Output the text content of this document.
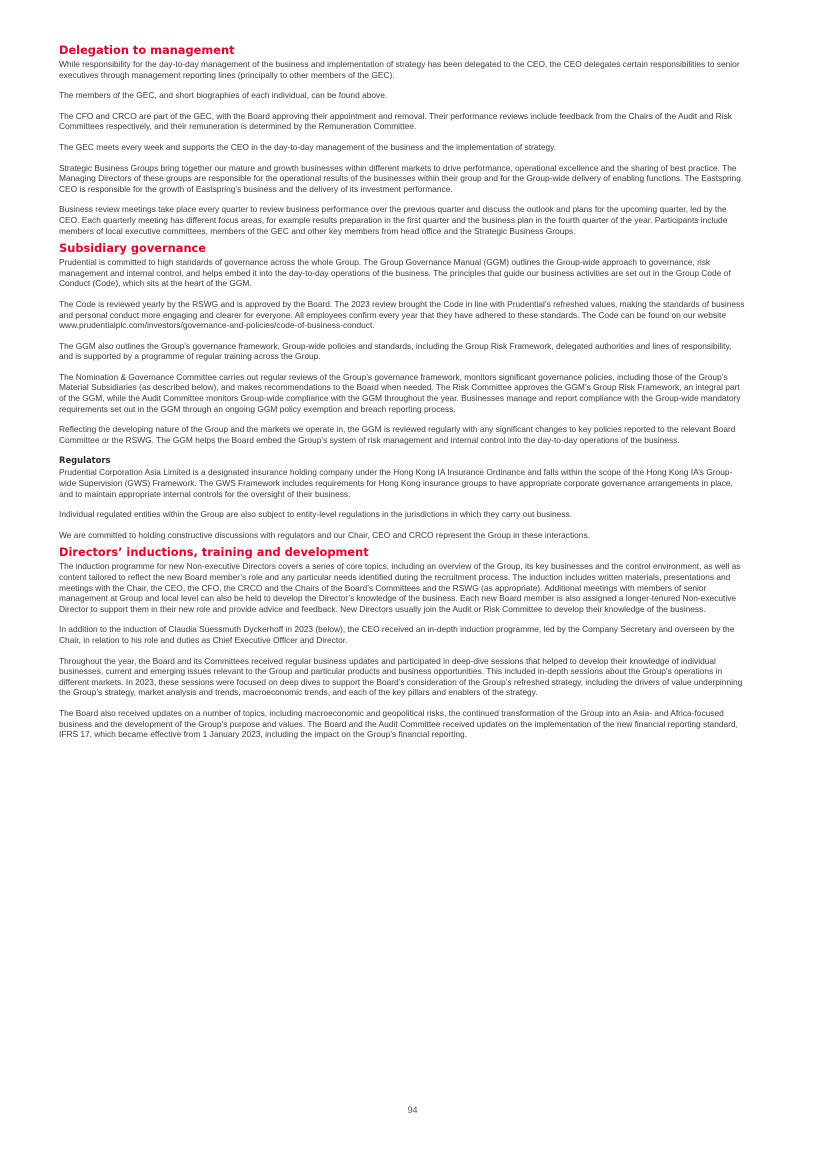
Delegation to management

While responsibility for the day-to-day management of the business and implementation of strategy has been delegated to the CEO, the CEO delegates certain responsibilities to senior executives through management reporting lines (principally to other members of the GEC).

The members of the GEC, and short biographies of each individual, can be found above.

The CFO and CRCO are part of the GEC, with the Board approving their appointment and removal. Their performance reviews include feedback from the Chairs of the Audit and Risk Committees respectively, and their remuneration is determined by the Remuneration Committee.

The GEC meets every week and supports the CEO in the day-to-day management of the business and the implementation of strategy.

Strategic Business Groups bring together our mature and growth businesses within different markets to drive performance, operational excellence and the sharing of best practice. The Managing Directors of these groups are responsible for the operational results of the businesses within their group and for the Group-wide delivery of enabling functions. The Eastspring CEO is responsible for the growth of Eastspring’s business and the delivery of its investment performance.

Business review meetings take place every quarter to review business performance over the previous quarter and discuss the outlook and plans for the upcoming quarter, led by the CEO. Each quarterly meeting has different focus areas, for example results preparation in the first quarter and the business plan in the fourth quarter of the year. Participants include members of local executive committees, members of the GEC and other key members from head office and the Strategic Business Groups.

Subsidiary governance

Prudential is committed to high standards of governance across the whole Group. The Group Governance Manual (GGM) outlines the Group-wide approach to governance, risk management and internal control, and helps embed it into the day-to-day operations of the business. The principles that guide our business activities are set out in the Group Code of Conduct (Code), which sits at the heart of the GGM.

The Code is reviewed yearly by the RSWG and is approved by the Board. The 2023 review brought the Code in line with Prudential’s refreshed values, making the standards of business and personal conduct more engaging and clearer for everyone. All employees confirm every year that they have adhered to these standards. The Code can be found on our website www.prudentialplc.com/investors/governance-and-policies/code-of-business-conduct.

The GGM also outlines the Group’s governance framework, Group-wide policies and standards, including the Group Risk Framework, delegated authorities and lines of responsibility, and is supported by a programme of regular training across the Group.

The Nomination & Governance Committee carries out regular reviews of the Group’s governance framework, monitors significant governance policies, including those of the Group’s Material Subsidiaries (as described below), and makes recommendations to the Board when needed. The Risk Committee approves the GGM’s Group Risk Framework, an integral part of the GGM, while the Audit Committee monitors Group-wide compliance with the GGM throughout the year. Businesses manage and report compliance with the Group-wide mandatory requirements set out in the GGM through an ongoing GGM policy exemption and breach reporting process.

Reflecting the developing nature of the Group and the markets we operate in, the GGM is reviewed regularly with any significant changes to key policies reported to the relevant Board Committee or the RSWG. The GGM helps the Board embed the Group’s system of risk management and internal control into the day-to-day operations of the business.

Regulators

Prudential Corporation Asia Limited is a designated insurance holding company under the Hong Kong IA Insurance Ordinance and falls within the scope of the Hong Kong IA’s Group-wide Supervision (GWS) Framework. The GWS Framework includes requirements for Hong Kong insurance groups to have appropriate corporate governance arrangements in place, and to maintain appropriate internal controls for the oversight of their business.

Individual regulated entities within the Group are also subject to entity-level regulations in the jurisdictions in which they carry out business.

We are committed to holding constructive discussions with regulators and our Chair, CEO and CRCO represent the Group in these interactions.

Directors’ inductions, training and development

The induction programme for new Non-executive Directors covers a series of core topics, including an overview of the Group, its key businesses and the control environment, as well as content tailored to reflect the new Board member’s role and any particular needs identified during the recruitment process. The induction includes written materials, presentations and meetings with the Chair, the CEO, the CFO, the CRCO and the Chairs of the Board’s Committees and the RSWG (as appropriate). Additional meetings with members of senior management at Group and local level can also be held to develop the Director’s knowledge of the business. Each new Board member is also assigned a longer-tenured Non-executive Director to support them in their new role and provide advice and feedback. New Directors usually join the Audit or Risk Committee to develop their knowledge of the business.

In addition to the induction of Claudia Suessmuth Dyckerhoff in 2023 (below), the CEO received an in-depth induction programme, led by the Company Secretary and overseen by the Chair, in relation to his role and duties as Chief Executive Officer and Director.

Throughout the year, the Board and its Committees received regular business updates and participated in deep-dive sessions that helped to develop their knowledge of individual businesses, current and emerging issues relevant to the Group and particular products and business opportunities. This included in-depth sessions about the Group’s operations in different markets. In 2023, these sessions were focused on deep dives to support the Board’s consideration of the Group’s refreshed strategy, including the drivers of value underpinning the Group’s strategy, market analysis and trends, macroeconomic trends, and each of the key pillars and enablers of the strategy.

The Board also received updates on a number of topics, including macroeconomic and geopolitical risks, the continued transformation of the Group into an Asia- and Africa-focused business and the development of the Group’s purpose and values. The Board and the Audit Committee received updates on the implementation of the new financial reporting standard, IFRS 17, which became effective from 1 January 2023, including the impact on the Group’s financial reporting.

94
